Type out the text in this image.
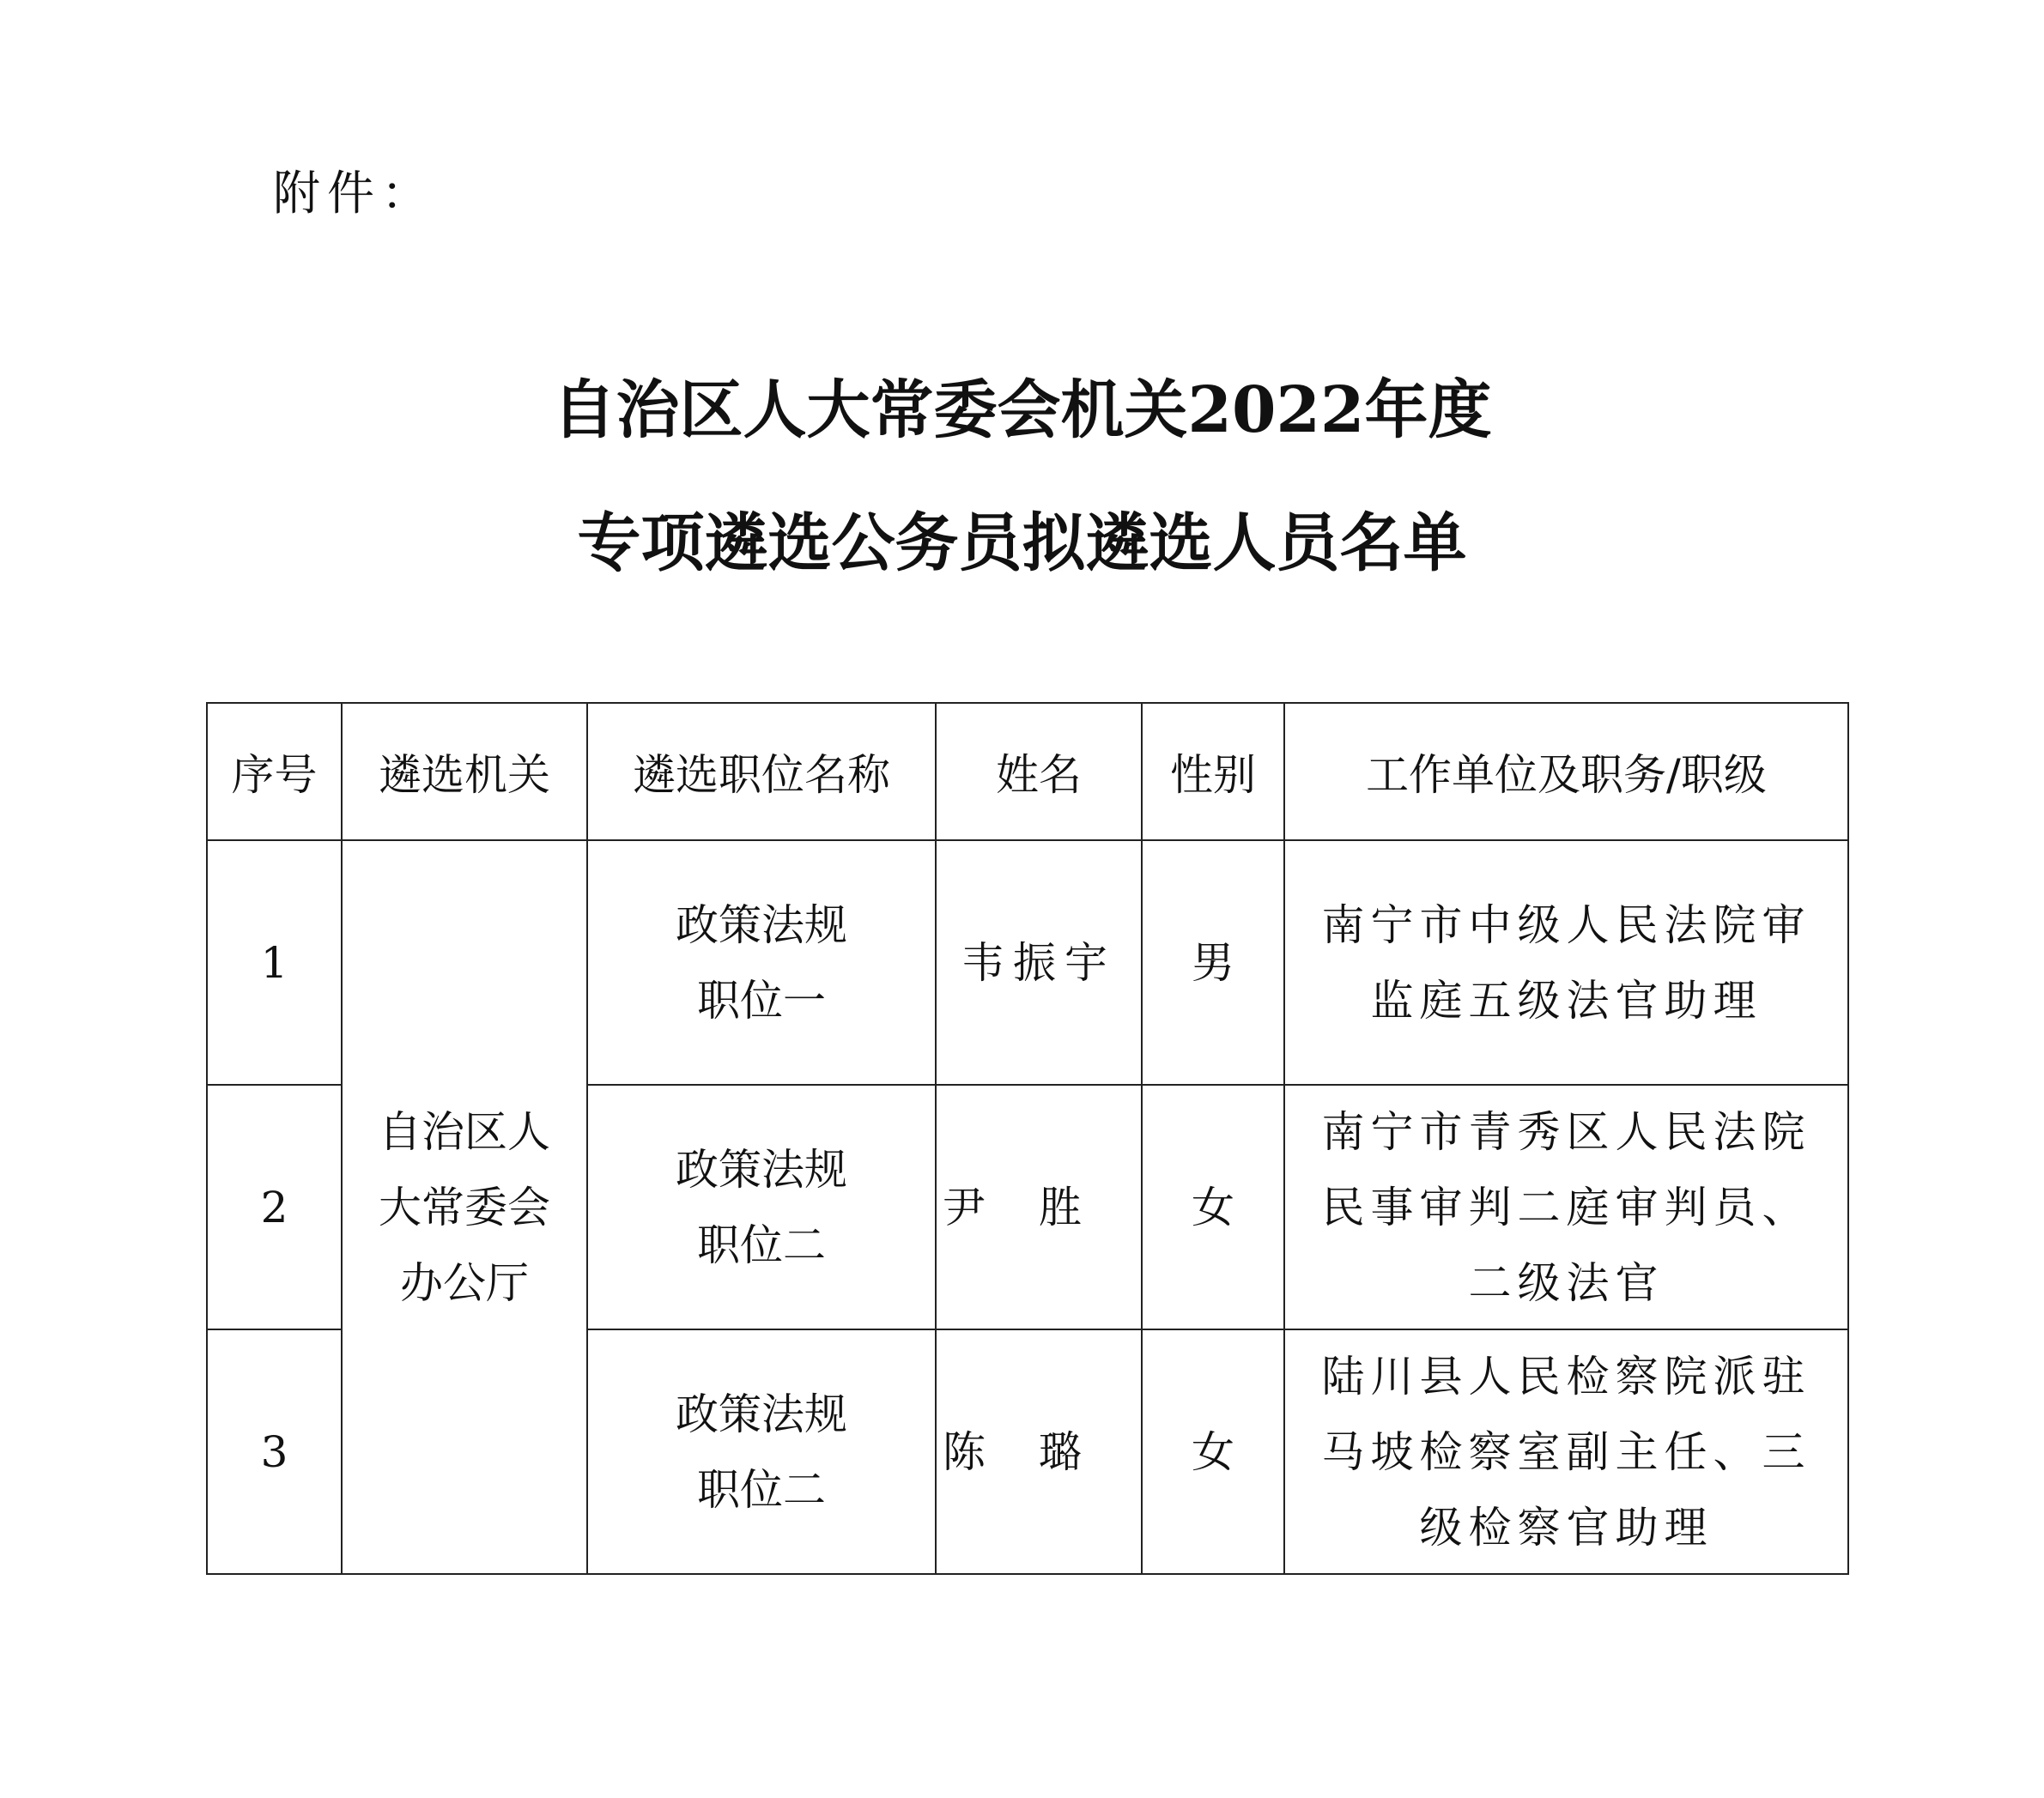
附件：
自治区人大常委会机关2022年度
专项遴选公务员拟遴选人员名单
序号	遴选机关	遴选职位名称	姓名	性别	工作单位及职务/职级
1	自治区人大常委会办公厅	政策法规职位一	韦振宇	男	南宁市中级人民法院审监庭五级法官助理
2		政策法规职位二	尹胜	女	南宁市青秀区人民法院民事审判二庭审判员、二级法官
3		政策法规职位二	陈璐	女	陆川县人民检察院派驻马坡检察室副主任、三级检察官助理
